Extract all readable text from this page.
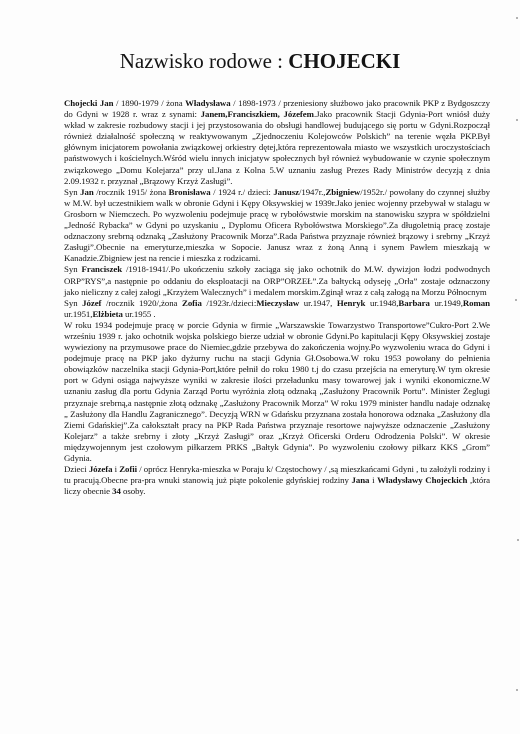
Nazwisko rodowe : CHOJECKI

Chojecki Jan / 1890-1979 / żona Władysława / 1898-1973 / przeniesiony służbowo jako pracownik PKP z Bydgoszczy do Gdyni w 1928 r. wraz z synami: Janem,Franciszkiem, Józefem.Jako pracownik Stacji Gdynia-Port wniósł duży wkład w zakresie rozbudowy stacji i jej przystosowania do obsługi handlowej budującego się portu w Gdyni.Rozpoczął również działalność społeczną w reaktywowanym „Zjednoczeniu Kolejowców Polskich” na terenie węzła PKP.Był głównym inicjatorem powołania związkowej orkiestry dętej,która reprezentowała miasto we wszystkich uroczystościach państwowych i kościelnych.Wśród wielu innych inicjatyw społecznych był również wybudowanie w czynie społecznym związkowego „Domu Kolejarza” przy ul.Jana z Kolna 5.W uznaniu zasług Prezes Rady Ministrów decyzją z dnia 2.09.1932 r. przyznał „Brązowy Krzyż Zasługi”.

Syn Jan /rocznik 1915/ żona Bronisława / 1924 r./ dzieci: Janusz/1947r.,Zbigniew/1952r./ powołany do czynnej służby w M.W. był uczestnikiem walk w obronie Gdyni i Kępy Oksywskiej w 1939r.Jako jeniec wojenny przebywał w stalagu w Grosborn w Niemczech. Po wyzwoleniu podejmuje pracę w rybołówstwie morskim na stanowisku szypra w spółdzielni „Jedność Rybacka” w Gdyni po uzyskaniu „ Dyplomu Oficera Rybołówstwa Morskiego”.Za długoletnią pracę zostaje odznaczony srebrną odznaką „Zasłużony Pracownik Morza”.Rada Państwa przyznaje również brązowy i srebrny „Krzyż Zasługi”.Obecnie na emeryturze,mieszka w Sopocie. Janusz wraz z żoną Anną i synem Pawłem mieszkają w Kanadzie.Zbigniew jest na rencie i mieszka z rodzicami.

Syn Franciszek /1918-1941/.Po ukończeniu szkoły zaciąga się jako ochotnik do M.W. dywizjon łodzi podwodnych ORP”RYS”,a następnie po oddaniu do eksploatacji na ORP”ORZEŁ”.Za bałtycką odyseję „Orła” zostaje odznaczony jako nieliczny z całej załogi „Krzyżem Walecznych” i medalem morskim.Zginął wraz z całą załogą na Morzu Północnym

Syn Józef /rocznik 1920/,żona Zofia /1923r./dzieci:Mieczysław ur.1947, Henryk ur.1948,Barbara ur.1949,Roman ur.1951,Elżbieta ur.1955 .

W roku 1934 podejmuje pracę w porcie Gdynia w firmie „Warszawskie Towarzystwo Transportowe”Cukro-Port 2.We wrześniu 1939 r. jako ochotnik wojska polskiego bierze udział w obronie Gdyni.Po kapitulacji Kępy Oksywskiej zostaje wywieziony na przymusowe prace do Niemiec,gdzie przebywa do zakończenia wojny.Po wyzwoleniu wraca do Gdyni i podejmuje pracę na PKP jako dyżurny ruchu na stacji Gdynia Gł.Osobowa.W roku 1953 powołany do pełnienia obowiązków naczelnika stacji Gdynia-Port,które pełnił do roku 1980 t.j do czasu przejścia na emeryturę.W tym okresie port w Gdyni osiąga najwyższe wyniki w zakresie ilości przeładunku masy towarowej jak i wyniki ekonomiczne.W uznaniu zasług dla portu Gdynia Zarząd Portu wyróżnia złotą odznaką „Zasłużony Pracownik Portu”. Minister Żeglugi przyznaje srebrną,a następnie złotą odznakę „Zasłużony Pracownik Morza” W roku 1979 minister handlu nadaje odznakę „ Zasłużony dla Handlu Zagranicznego”. Decyzją WRN w Gdańsku przyznana została honorowa odznaka „Zasłużony dla Ziemi Gdańskiej”.Za całokształt pracy na PKP Rada Państwa przyznaje resortowe najwyższe odznaczenie „Zasłużony Kolejarz” a także srebrny i złoty „Krzyż Zasługi” oraz „Krzyż Oficerski Orderu Odrodzenia Polski”. W okresie międzywojennym jest czołowym piłkarzem PRKS „Bałtyk Gdynia”. Po wyzwoleniu czołowy piłkarz KKS „Grom” Gdynia.

Dzieci Józefa i Zofii / oprócz Henryka-mieszka w Poraju k/ Częstochowy / ,są mieszkańcami Gdyni , tu założyli rodziny i tu pracują.Obecne pra-pra wnuki stanowią już piąte pokolenie gdyńskiej rodziny Jana i Władysławy Chojeckich ,która liczy obecnie 34 osoby.
